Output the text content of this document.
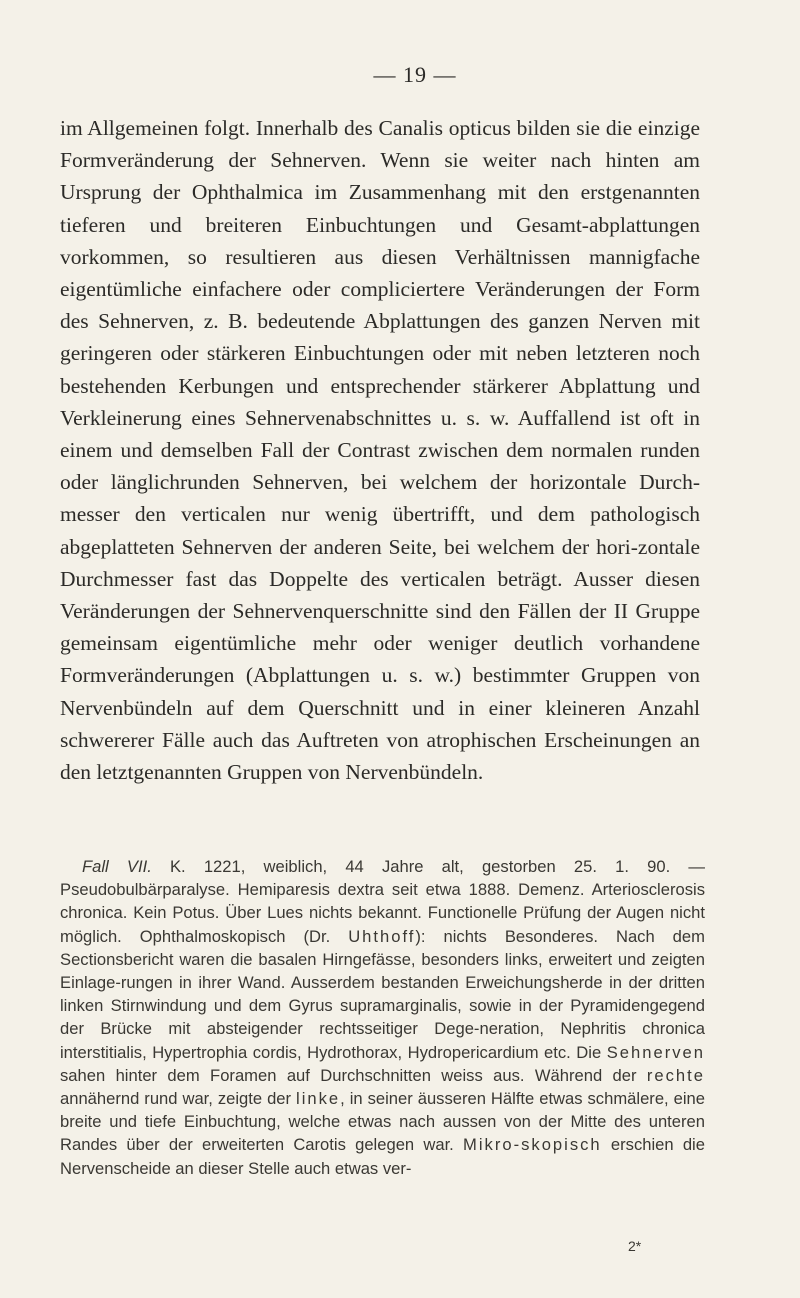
— 19 —

im Allgemeinen folgt. Innerhalb des Canalis opticus bilden sie die einzige Formveränderung der Sehnerven. Wenn sie weiter nach hinten am Ursprung der Ophthalmica im Zusammenhang mit den erstgenannten tieferen und breiteren Einbuchtungen und Gesamt-abplattungen vorkommen, so resultieren aus diesen Verhältnissen mannigfache eigentümliche einfachere oder compliciertere Veränderungen der Form des Sehnerven, z. B. bedeutende Abplattungen des ganzen Nerven mit geringeren oder stärkeren Einbuchtungen oder mit neben letzteren noch bestehenden Kerbungen und entsprechender stärkerer Abplattung und Verkleinerung eines Sehnervenabschnittes u. s. w. Auffallend ist oft in einem und demselben Fall der Contrast zwischen dem normalen runden oder länglichrunden Sehnerven, bei welchem der horizontale Durch-messer den verticalen nur wenig übertrifft, und dem pathologisch abgeplatteten Sehnerven der anderen Seite, bei welchem der hori-zontale Durchmesser fast das Doppelte des verticalen beträgt. Ausser diesen Veränderungen der Sehnervenquerschnitte sind den Fällen der II Gruppe gemeinsam eigentümliche mehr oder weniger deutlich vorhandene Formveränderungen (Abplattungen u. s. w.) bestimmter Gruppen von Nervenbündeln auf dem Querschnitt und in einer kleineren Anzahl schwererer Fälle auch das Auftreten von atrophischen Erscheinungen an den letztgenannten Gruppen von Nervenbündeln.

Fall VII. K. 1221, weiblich, 44 Jahre alt, gestorben 25. 1. 90. — Pseudobulbärparalyse. Hemiparesis dextra seit etwa 1888. Demenz. Arteriosclerosis chronica. Kein Potus. Über Lues nichts bekannt. Functionelle Prüfung der Augen nicht möglich. Ophthalmoskopisch (Dr. Uhthoff): nichts Besonderes. Nach dem Sectionsbericht waren die basalen Hirngefässe, besonders links, erweitert und zeigten Einlage-rungen in ihrer Wand. Ausserdem bestanden Erweichungsherde in der dritten linken Stirnwindung und dem Gyrus supramarginalis, sowie in der Pyramidengegend der Brücke mit absteigender rechtsseitiger Dege-neration, Nephritis chronica interstitialis, Hypertrophia cordis, Hydrothorax, Hydropericardium etc. Die Sehnerven sahen hinter dem Foramen auf Durchschnitten weiss aus. Während der rechte annähernd rund war, zeigte der linke, in seiner äusseren Hälfte etwas schmälere, eine breite und tiefe Einbuchtung, welche etwas nach aussen von der Mitte des unteren Randes über der erweiterten Carotis gelegen war. Mikro-skopisch erschien die Nervenscheide an dieser Stelle auch etwas ver-

2*
